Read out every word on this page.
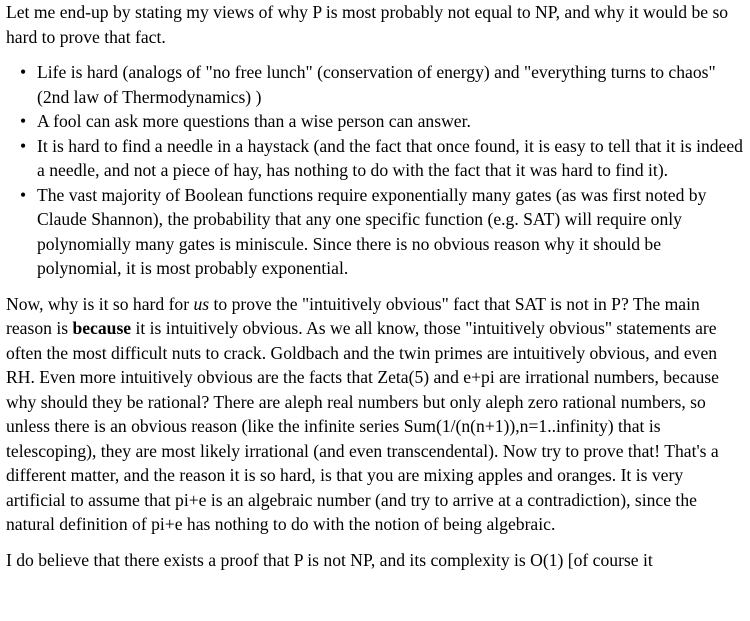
Let me end-up by stating my views of why P is most probably not equal to NP, and why it would be so hard to prove that fact.

• Life is hard (analogs of "no free lunch" (conservation of energy) and "everything turns to chaos" (2nd law of Thermodynamics) )
• A fool can ask more questions than a wise person can answer.
• It is hard to find a needle in a haystack (and the fact that once found, it is easy to tell that it is indeed a needle, and not a piece of hay, has nothing to do with the fact that it was hard to find it).
• The vast majority of Boolean functions require exponentially many gates (as was first noted by Claude Shannon), the probability that any one specific function (e.g. SAT) will require only polynomially many gates is miniscule. Since there is no obvious reason why it should be polynomial, it is most probably exponential.

Now, why is it so hard for us to prove the "intuitively obvious" fact that SAT is not in P? The main reason is because it is intuitively obvious. As we all know, those "intuitively obvious" statements are often the most difficult nuts to crack. Goldbach and the twin primes are intuitively obvious, and even RH. Even more intuitively obvious are the facts that Zeta(5) and e+pi are irrational numbers, because why should they be rational? There are aleph real numbers but only aleph zero rational numbers, so unless there is an obvious reason (like the infinite series Sum(1/(n(n+1)),n=1..infinity) that is telescoping), they are most likely irrational (and even transcendental). Now try to prove that! That's a different matter, and the reason it is so hard, is that you are mixing apples and oranges. It is very artificial to assume that pi+e is an algebraic number (and try to arrive at a contradiction), since the natural definition of pi+e has nothing to do with the notion of being algebraic.

I do believe that there exists a proof that P is not NP, and its complexity is O(1) [of course it
